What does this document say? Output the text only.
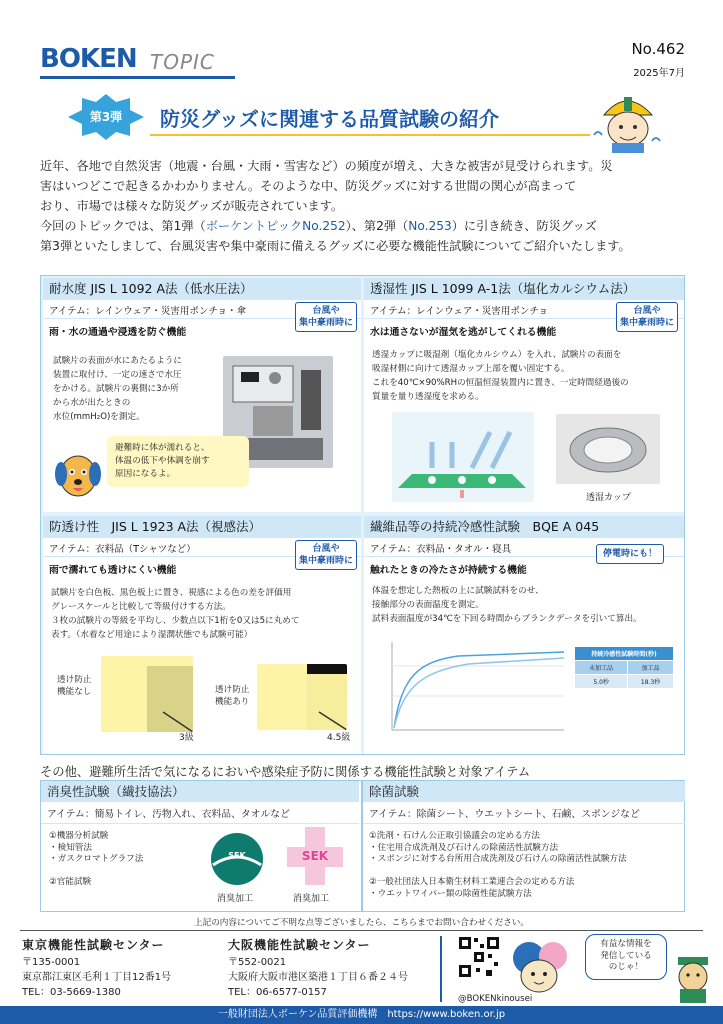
BOKEN TOPIC
No.462
2025年7月
第3弾	防災グッズに関連する品質試験の紹介

近年、各地で自然災害（地震・台風・大雨・雪害など）の頻度が増え、大きな被害が見受けられます。災

害はいつどこで起きるかわかりません。そのような中、防災グッズに対する世間の関心が高まって

おり、市場では様々な防災グッズが販売されています。

今回のトピックでは、第1弾（ボーケントピックNo.252）、第2弾（No.253）に引き続き、防災グッズ

第3弾といたしまして、台風災害や集中豪雨に備えるグッズに必要な機能性試験についてご紹介いたします。

耐水度 JIS L 1092 A法（低水圧法）
アイテム：レインウェア・災害用ポンチョ・傘	台風や
集中豪雨時に
雨・水の通過や浸透を防ぐ機能

試験片の表面が水にあたるように

装置に取付け、一定の速さで水圧

をかける。試験片の裏側に3か所

から水が出たときの

水位(mmH₂O)を測定。

避難時に体が濡れると、

体温の低下や体調を崩す

原因になるよ。

透湿性 JIS L 1099 A-1法（塩化カルシウム法）
アイテム：レインウェア・災害用ポンチョ	台風や
集中豪雨時に
水は通さないが湿気を逃がしてくれる機能

透湿カップに吸湿剤（塩化カルシウム）を入れ、試験片の表面を

吸湿材側に向けて透湿カップ上部を覆い固定する。

これを40℃×90%RHの恒温恒湿装置内に置き、一定時間経過後の

質量を量り透湿度を求める。

透湿カップ
防透け性　JIS L 1923 A法（視感法）
アイテム：衣料品（Tシャツなど）	台風や
集中豪雨時に
雨で濡れても透けにくい機能

試験片を白色板、黒色板上に置き、視感による色の差を評価用

グレースケールと比較して等級付けする方法。

３枚の試験片の等級を平均し、少数点以下1桁を0又は5に丸めて

表す。（水着など用途により湿潤状態でも試験可能）

透け防止

機能なし

3級

透け防止

機能あり

4.5級
繊維品等の持続冷感性試験　BQE A 045
アイテム：衣料品・タオル・寝具	停電時にも！
触れたときの冷たさが持続する機能

体温を想定した熱板の上に試験試料をのせ、

接触部分の表面温度を測定。

試料表面温度が34℃を下回る時間からブランクデータを引いて算出。

持続冷感性試験時間(秒)	
未加工品	加工品
5.0秒	18.3秒
その他、避難所生活で気になるにおいや感染症予防に関係する機能性試験と対象アイテム
消臭性試験（繊技協法）
アイテム：簡易トイレ、汚物入れ、衣料品、タオルなど

①機器分析試験

・検知管法

・ガスクロマトグラフ法

②官能試験

SEK
消臭加工
SEK
消臭加工
除菌試験
アイテム：除菌シート、ウエットシート、石鹸、スポンジなど

①洗剤・石けん公正取引協議会の定める方法

・住宅用合成洗剤及び石けんの除菌活性試験方法

・スポンジに対する台所用合成洗剤及び石けんの除菌活性試験方法

②一般社団法人日本衛生材料工業連合会の定める方法

・ウエットワイパー類の除菌性能試験方法

上記の内容についてご不明な点等ございましたら、こちらまでお問い合わせください。

東京機能性試験センター

〒135-0001

東京都江東区毛利１丁目12番1号

TEL：03-5669-1380

大阪機能性試験センター

〒552-0021

大阪府大阪市港区築港１丁目６番２４号

TEL：06-6577-0157

@BOKENkinousei
有益な情報を
発信している
のじゃ！
一般財団法人ボーケン品質評価機構　https://www.boken.or.jp
